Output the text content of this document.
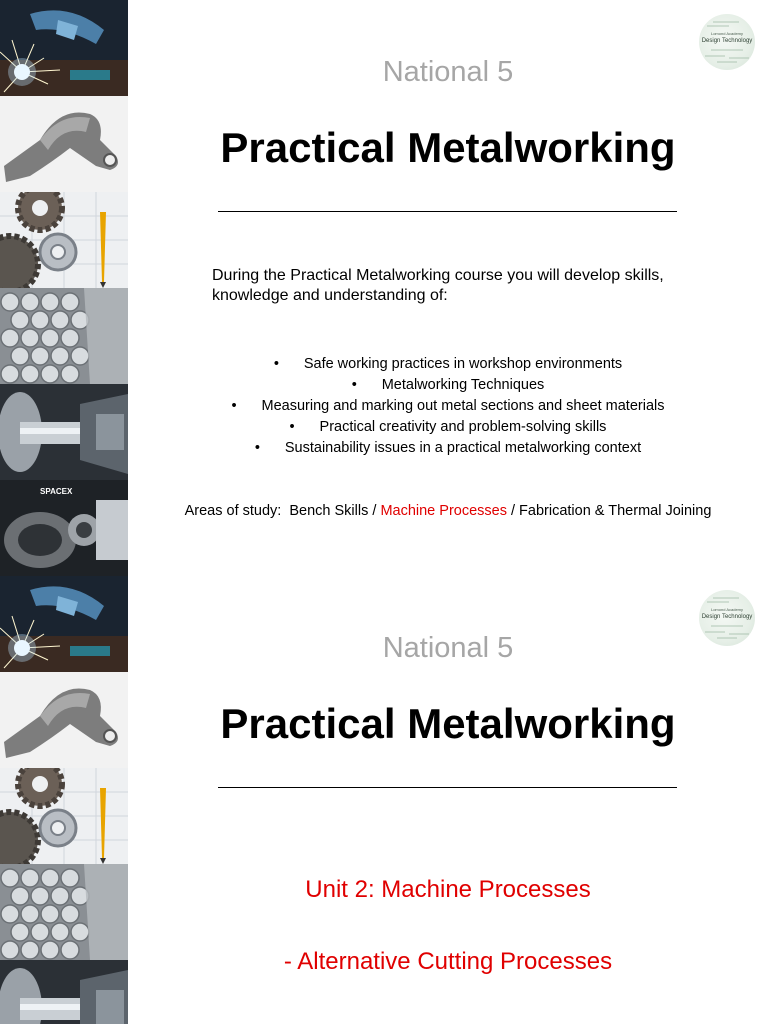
SPACEX
Lomond Academy
Design Technology
National 5
Practical Metalworking
During the Practical Metalworking course you will develop skills, knowledge and understanding of:
• Safe working practices in workshop environments
• Metalworking Techniques
• Measuring and marking out metal sections and sheet materials
• Practical creativity and problem-solving skills
• Sustainability issues in a practical metalworking context
Areas of study:  Bench Skills / Machine Processes / Fabrication & Thermal Joining
Lomond Academy
Design Technology
National 5
Practical Metalworking
Unit 2: Machine Processes
- Alternative Cutting Processes
